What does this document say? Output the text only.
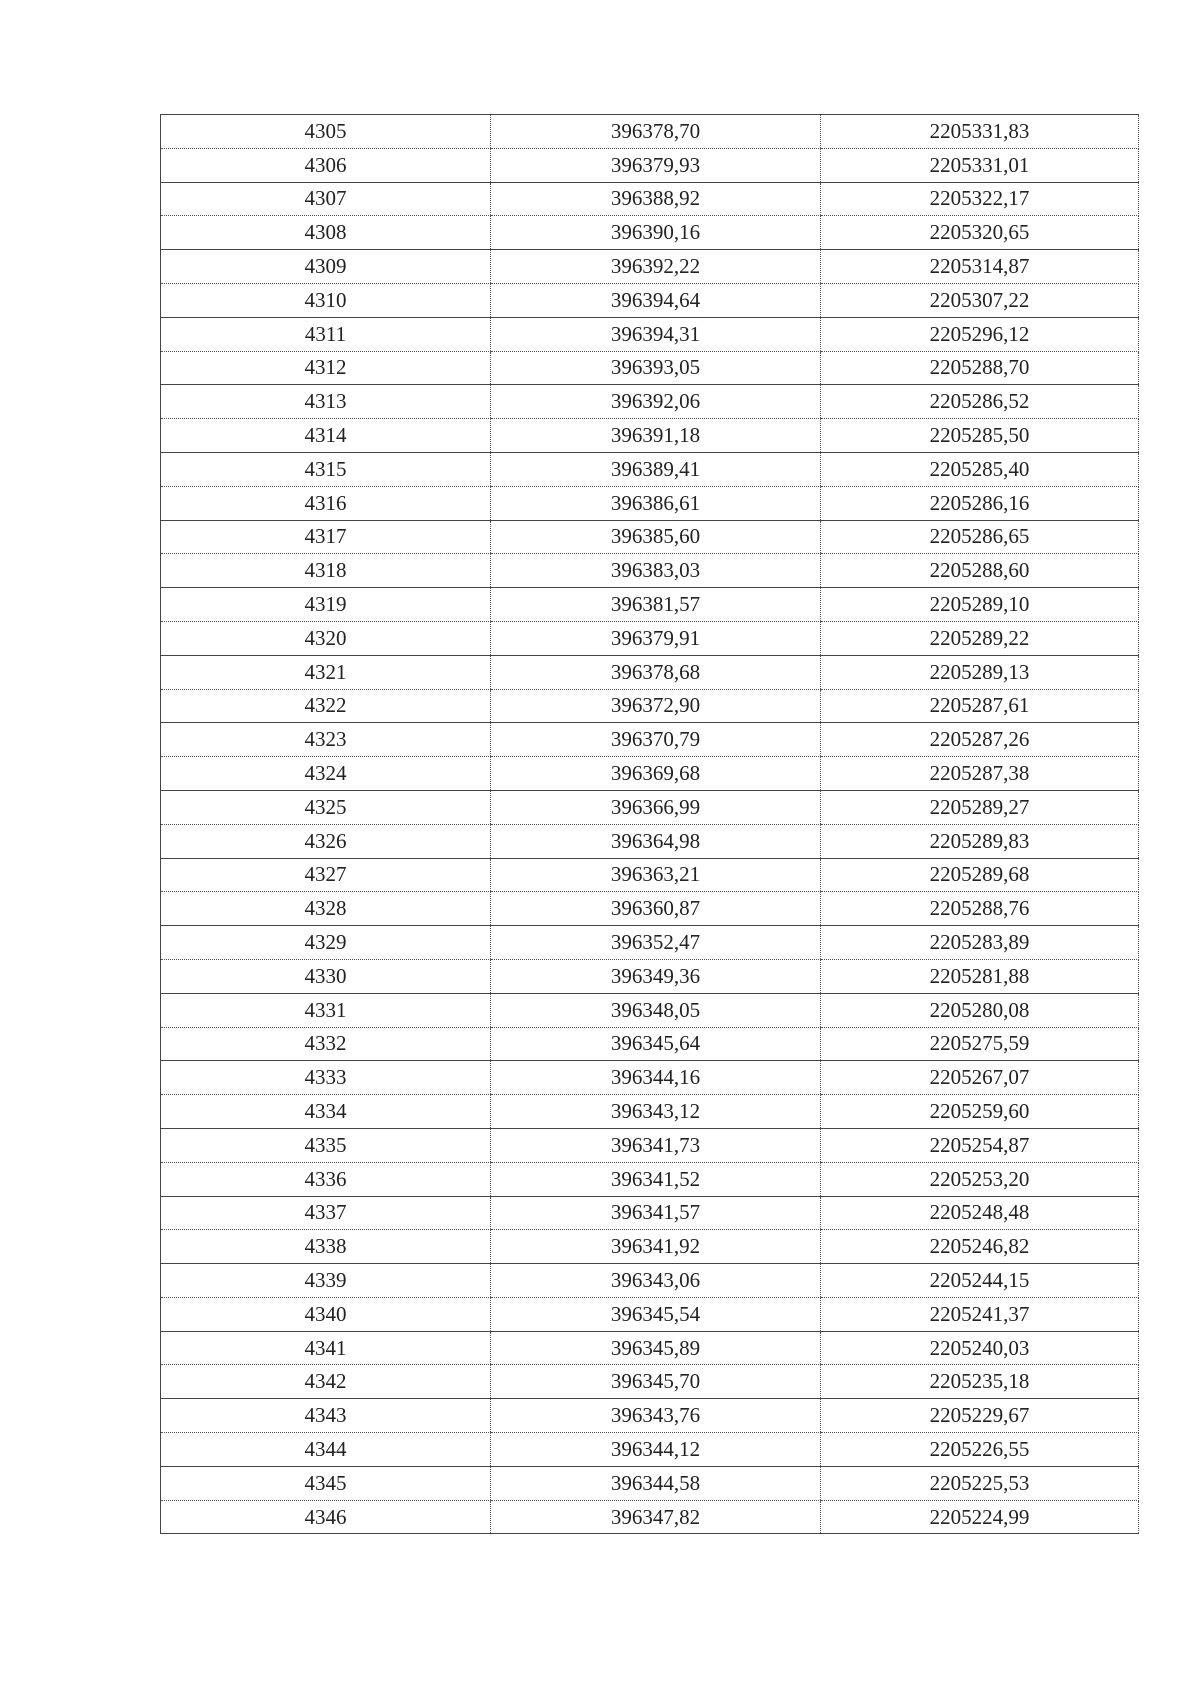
4305	396378,70	2205331,83
4306	396379,93	2205331,01
4307	396388,92	2205322,17
4308	396390,16	2205320,65
4309	396392,22	2205314,87
4310	396394,64	2205307,22
4311	396394,31	2205296,12
4312	396393,05	2205288,70
4313	396392,06	2205286,52
4314	396391,18	2205285,50
4315	396389,41	2205285,40
4316	396386,61	2205286,16
4317	396385,60	2205286,65
4318	396383,03	2205288,60
4319	396381,57	2205289,10
4320	396379,91	2205289,22
4321	396378,68	2205289,13
4322	396372,90	2205287,61
4323	396370,79	2205287,26
4324	396369,68	2205287,38
4325	396366,99	2205289,27
4326	396364,98	2205289,83
4327	396363,21	2205289,68
4328	396360,87	2205288,76
4329	396352,47	2205283,89
4330	396349,36	2205281,88
4331	396348,05	2205280,08
4332	396345,64	2205275,59
4333	396344,16	2205267,07
4334	396343,12	2205259,60
4335	396341,73	2205254,87
4336	396341,52	2205253,20
4337	396341,57	2205248,48
4338	396341,92	2205246,82
4339	396343,06	2205244,15
4340	396345,54	2205241,37
4341	396345,89	2205240,03
4342	396345,70	2205235,18
4343	396343,76	2205229,67
4344	396344,12	2205226,55
4345	396344,58	2205225,53
4346	396347,82	2205224,99
